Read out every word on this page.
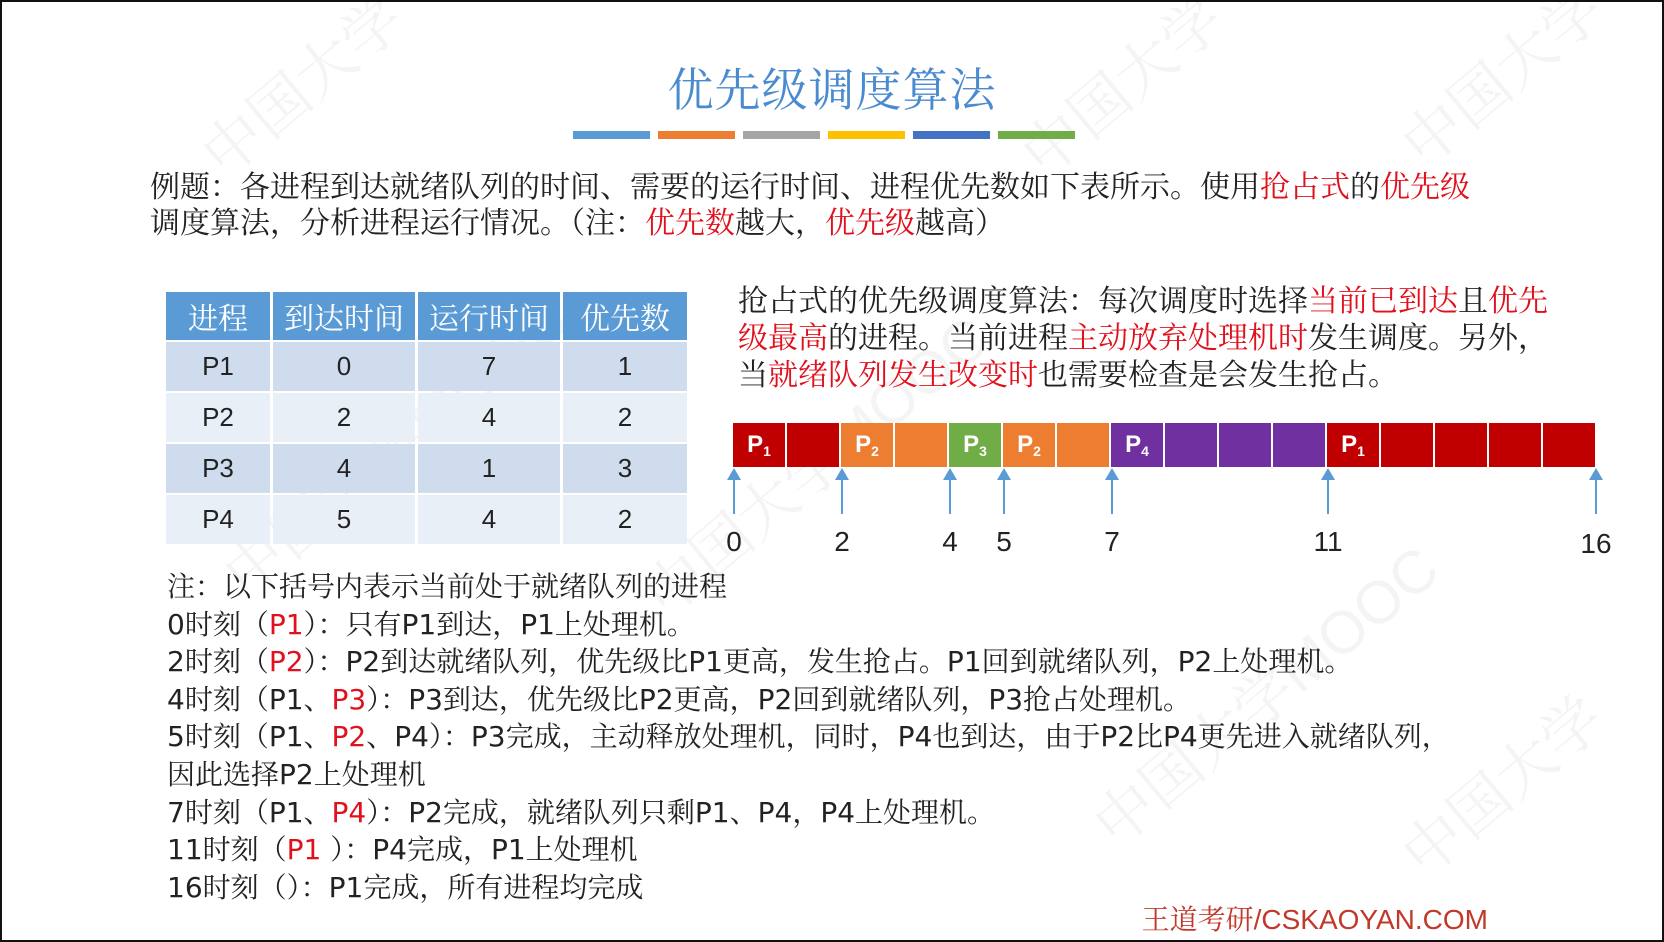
优先级调度算法
例题：各进程到达就绪队列的时间、需要的运行时间、进程优先数如下表所示。使用抢占式的优先级
调度算法，分析进程运行情况。（注：优先数越大，优先级越高）
进程	到达时间	运行时间	优先数
P1	0	7	1
P2	2	4	2
P3	4	1	3
P4	5	4	2
抢占式的优先级调度算法：每次调度时选择当前已到达且优先级最高的进程。当前进程主动放弃处理机时发生调度。另外，当就绪队列发生改变时也需要检查是会发生抢占。
$P_1$	$P_2$	$P_3$ $P_2$	$P_4$	$P_1$
0	2	4 5	7	11	16
注：以下括号内表示当前处于就绪队列的进程
0时刻（P1）：只有P1到达，P1上处理机。
2时刻（P2）：P2到达就绪队列，优先级比P1更高，发生抢占。P1回到就绪队列，P2上处理机。
4时刻（P1、P3）：P3到达，优先级比P2更高，P2回到就绪队列，P3抢占处理机。
5时刻（P1、P2、P4）：P3完成，主动释放处理机，同时，P4也到达，由于P2比P4更先进入就绪队列，
因此选择P2上处理机
7时刻（P1、P4）：P2完成，就绪队列只剩P1、P4，P4上处理机。
11时刻（P1 ）：P4完成，P1上处理机
16时刻（）：P1完成，所有进程均完成
王道考研/CSKAOYAN.COM
